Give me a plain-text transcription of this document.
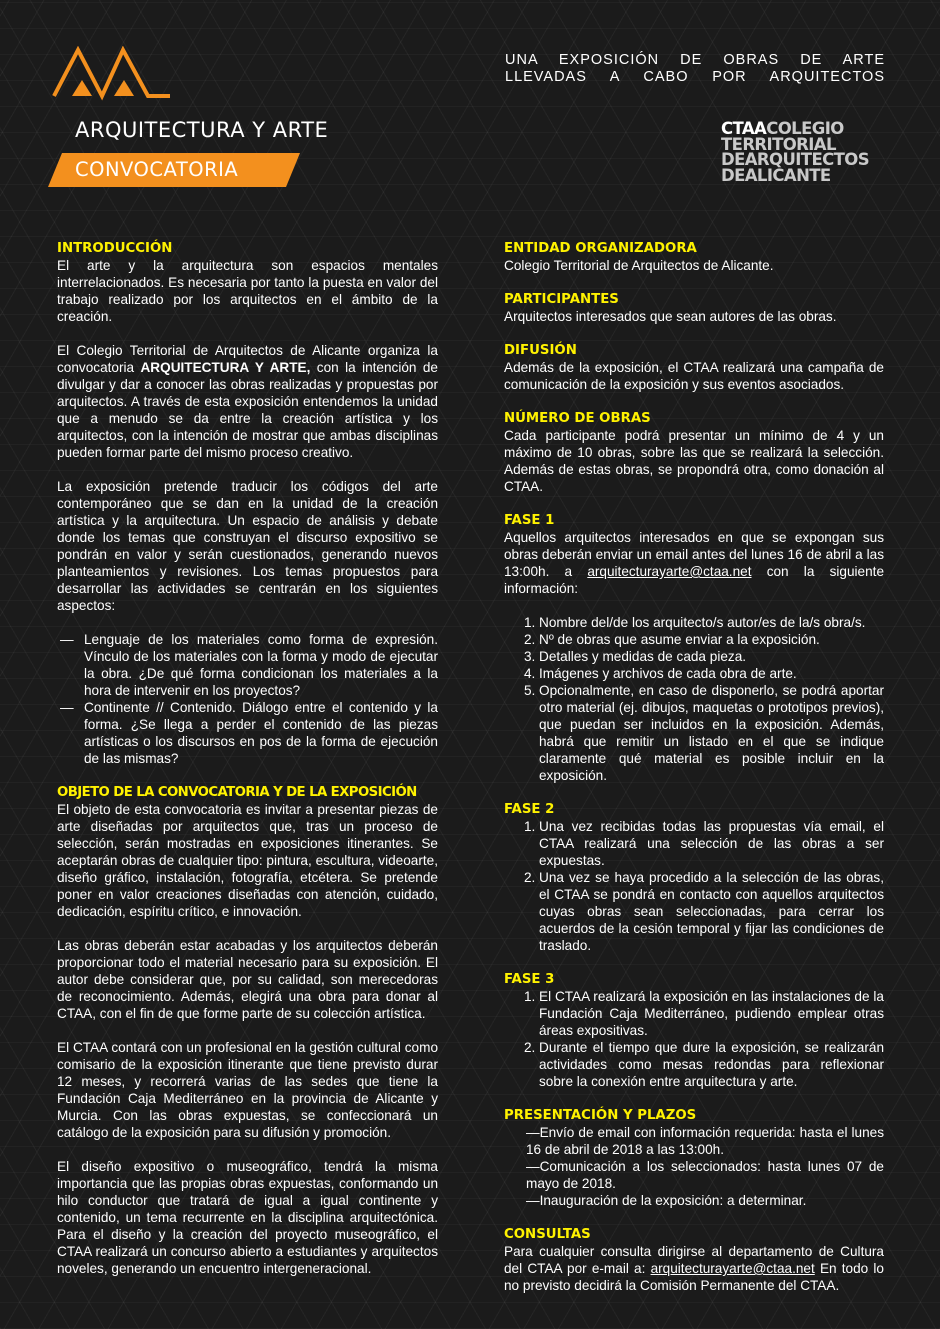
ARQUITECTURA Y ARTE
CONVOCATORIA
UNA EXPOSICIÓN DE OBRAS DE ARTE
LLEVADAS A CABO POR ARQUITECTOS
CTAACOLEGIO
TERRITORIAL
DEARQUITECTOS
DEALICANTE
INTRODUCCIÓN

El arte y la arquitectura son espacios mentales interrelacionados. Es necesaria por tanto la puesta en valor del trabajo realizado por los arquitectos en el ámbito de la creación.

El Colegio Territorial de Arquitectos de Alicante organiza la convocatoria ARQUITECTURA Y ARTE, con la intención de divulgar y dar a conocer las obras realizadas y propuestas por arquitectos. A través de esta exposición entendemos la unidad que a menudo se da entre la creación artística y los arquitectos, con la intención de mostrar que ambas disciplinas pueden formar parte del mismo proceso creativo.

La exposición pretende traducir los códigos del arte contemporáneo que se dan en la unidad de la creación artística y la arquitectura. Un espacio de análisis y debate donde los temas que construyan el discurso expositivo se pondrán en valor y serán cuestionados, generando nuevos planteamientos y revisiones. Los temas propuestos para desarrollar las actividades se centrarán en los siguientes aspectos:

— Lenguaje de los materiales como forma de expresión. Vínculo de los materiales con la forma y modo de ejecutar la obra. ¿De qué forma condicionan los materiales a la hora de intervenir en los proyectos?
— Continente // Contenido. Diálogo entre el contenido y la forma. ¿Se llega a perder el contenido de las piezas artísticas o los discursos en pos de la forma de ejecución de las mismas?
OBJETO DE LA CONVOCATORIA Y DE LA EXPOSICIÓN

El objeto de esta convocatoria es invitar a presentar piezas de arte diseñadas por arquitectos que, tras un proceso de selección, serán mostradas en exposiciones itinerantes. Se aceptarán obras de cualquier tipo: pintura, escultura, videoarte, diseño gráfico, instalación, fotografía, etcétera. Se pretende poner en valor creaciones diseñadas con atención, cuidado, dedicación, espíritu crítico, e innovación.

Las obras deberán estar acabadas y los arquitectos deberán proporcionar todo el material necesario para su exposición. El autor debe considerar que, por su calidad, son merecedoras de reconocimiento. Además, elegirá una obra para donar al CTAA, con el fin de que forme parte de su colección artística.

El CTAA contará con un profesional en la gestión cultural como comisario de la exposición itinerante que tiene previsto durar 12 meses, y recorrerá varias de las sedes que tiene la Fundación Caja Mediterráneo en la provincia de Alicante y Murcia. Con las obras expuestas, se confeccionará un catálogo de la exposición para su difusión y promoción.

El diseño expositivo o museográfico, tendrá la misma importancia que las propias obras expuestas, conformando un hilo conductor que tratará de igual a igual continente y contenido, un tema recurrente en la disciplina arquitectónica. Para el diseño y la creación del proyecto museográfico, el CTAA realizará un concurso abierto a estudiantes y arquitectos noveles, generando un encuentro intergeneracional.

ENTIDAD ORGANIZADORA
Colegio Territorial de Arquitectos de Alicante.
PARTICIPANTES
Arquitectos interesados que sean autores de las obras.
DIFUSIÓN
Además de la exposición, el CTAA realizará una campaña de comunicación de la exposición y sus eventos asociados.
NÚMERO DE OBRAS
Cada participante podrá presentar un mínimo de 4 y un máximo de 10 obras, sobre las que se realizará la selección. Además de estas obras, se propondrá otra, como donación al CTAA.
FASE 1

Aquellos arquitectos interesados en que se expongan sus obras deberán enviar un email antes del lunes 16 de abril a las 13:00h. a arquitecturayarte@ctaa.net con la siguiente información:

1. Nombre del/de los arquitecto/s autor/es de la/s obra/s.
2. Nº de obras que asume enviar a la exposición.
3. Detalles y medidas de cada pieza.
4. Imágenes y archivos de cada obra de arte.
5. Opcionalmente, en caso de disponerlo, se podrá aportar otro material (ej. dibujos, maquetas o prototipos previos), que puedan ser incluidos en la exposición. Además, habrá que remitir un listado en el que se indique claramente qué material es posible incluir en la exposición.
FASE 2
1. Una vez recibidas todas las propuestas vía email, el CTAA realizará una selección de las obras a ser expuestas.
2. Una vez se haya procedido a la selección de las obras, el CTAA se pondrá en contacto con aquellos arquitectos cuyas obras sean seleccionadas, para cerrar los acuerdos de la cesión temporal y fijar las condiciones de traslado.
FASE 3
1. El CTAA realizará la exposición en las instalaciones de la Fundación Caja Mediterráneo, pudiendo emplear otras áreas expositivas.
2. Durante el tiempo que dure la exposición, se realizarán actividades como mesas redondas para reflexionar sobre la conexión entre arquitectura y arte.
PRESENTACIÓN Y PLAZOS
—Envío de email con información requerida: hasta el lunes 16 de abril de 2018 a las 13:00h.
—Comunicación a los seleccionados: hasta lunes 07 de mayo de 2018.
—Inauguración de la exposición: a determinar.
CONSULTAS

Para cualquier consulta dirigirse al departamento de Cultura del CTAA por e-mail a: arquitecturayarte@ctaa.net En todo lo no previsto decidirá la Comisión Permanente del CTAA.
